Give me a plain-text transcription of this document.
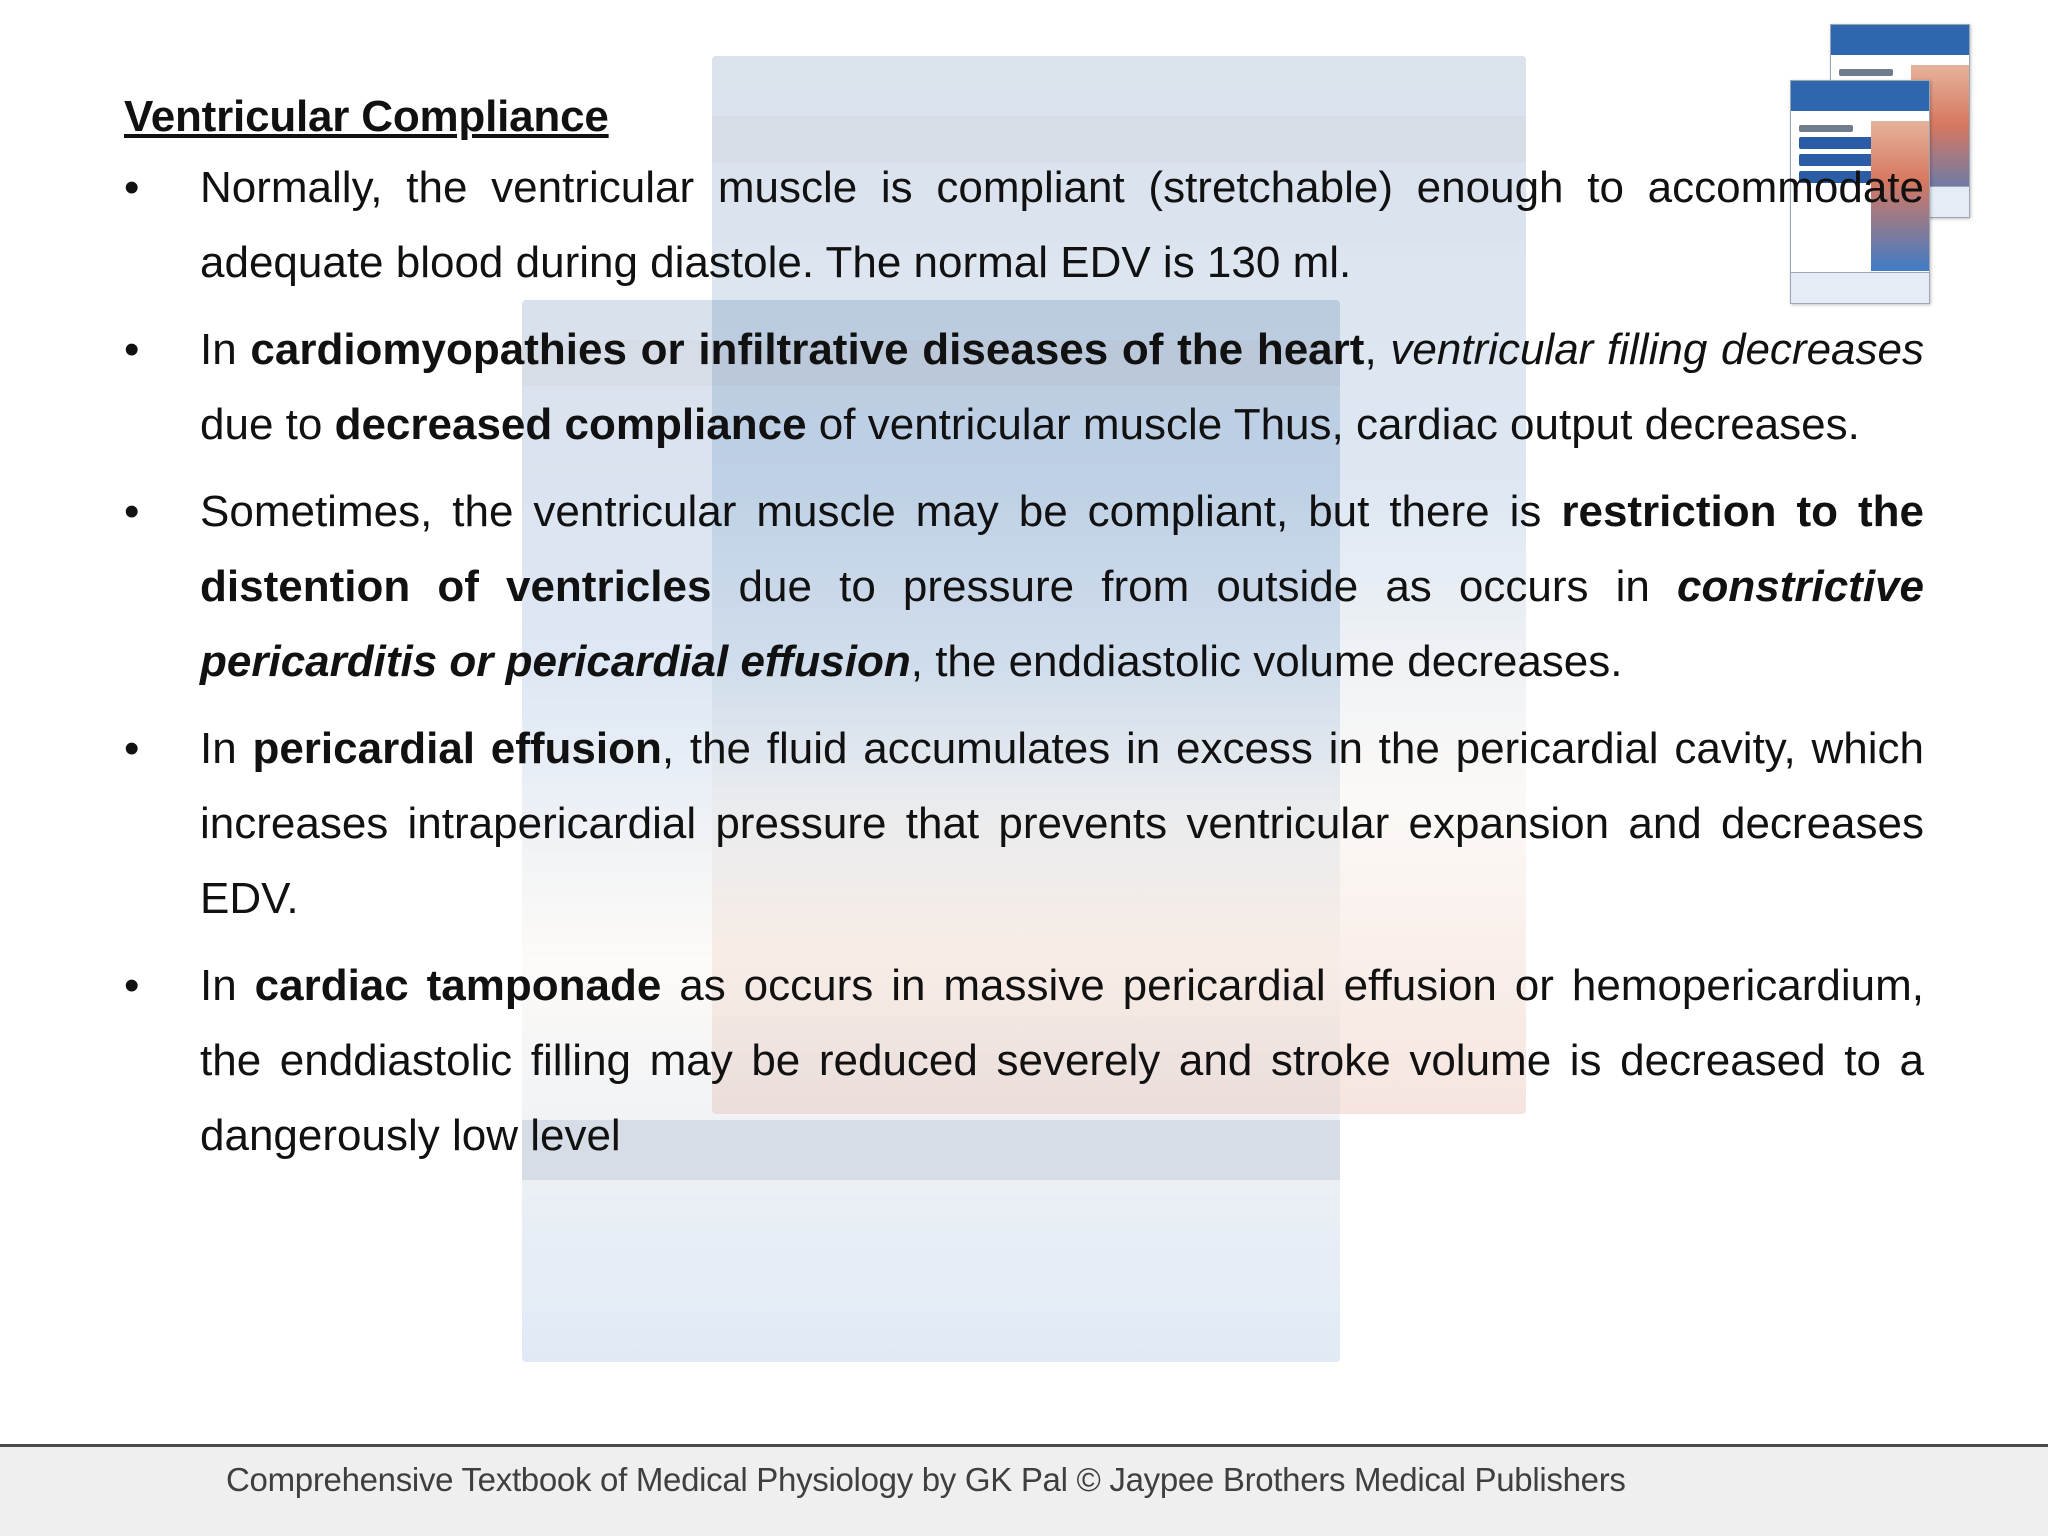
Ventricular Compliance
• Normally, the ventricular muscle is compliant (stretchable) enough to accommodate adequate blood during diastole. The normal EDV is 130 ml.
• In cardiomyopathies or infiltrative diseases of the heart, ventricular filling decreases due to decreased compliance of ventricular muscle Thus, cardiac output decreases.
• Sometimes, the ventricular muscle may be compliant, but there is restriction to the distention of ventricles due to pressure from outside as occurs in constrictive pericarditis or pericardial effusion, the enddiastolic volume decreases.
• In pericardial effusion, the fluid accumulates in excess in the pericardial cavity, which increases intrapericardial pressure that prevents ventricular expansion and decreases EDV.
• In cardiac tamponade as occurs in massive pericardial effusion or hemopericardium, the enddiastolic filling may be reduced severely and stroke volume is decreased to a dangerously low level
Comprehensive Textbook of Medical Physiology by GK Pal © Jaypee Brothers Medical Publishers
